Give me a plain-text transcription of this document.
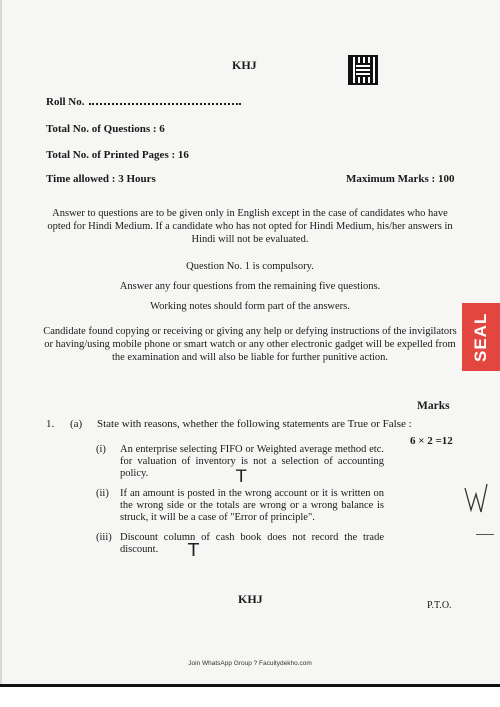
KHJ
Roll No.
Total No. of Questions : 6
Total No. of Printed Pages : 16
Time allowed : 3 Hours	Maximum Marks : 100
Answer to questions are to be given only in English except in the case of candidates who have opted for Hindi Medium. If a candidate who has not opted for Hindi Medium, his/her answers in Hindi will not be evaluated.
Question No. 1 is compulsory.
Answer any four questions from the remaining five questions.
Working notes should form part of the answers.
Candidate found copying or receiving or giving any help or defying instructions of the invigilators or having/using mobile phone or smart watch or any other electronic gadget will be expelled from the examination and will also be liable for further punitive action.	SEAL
Marks
1. (a) State with reasons, whether the following statements are True or False :
6 × 2 =12
(i) An enterprise selecting FIFO or Weighted average method etc. for valuation of inventory is not a selection of accounting policy.	T
(ii) If an amount is posted in the wrong account or it is written on the wrong side or the totals are wrong or a wrong balance is struck, it will be a case of "Error of principle".
(iii) Discount column of cash book does not record the trade discount.	T
KHJ	P.T.O.
Join WhatsApp Group ? Facultydekho.com
